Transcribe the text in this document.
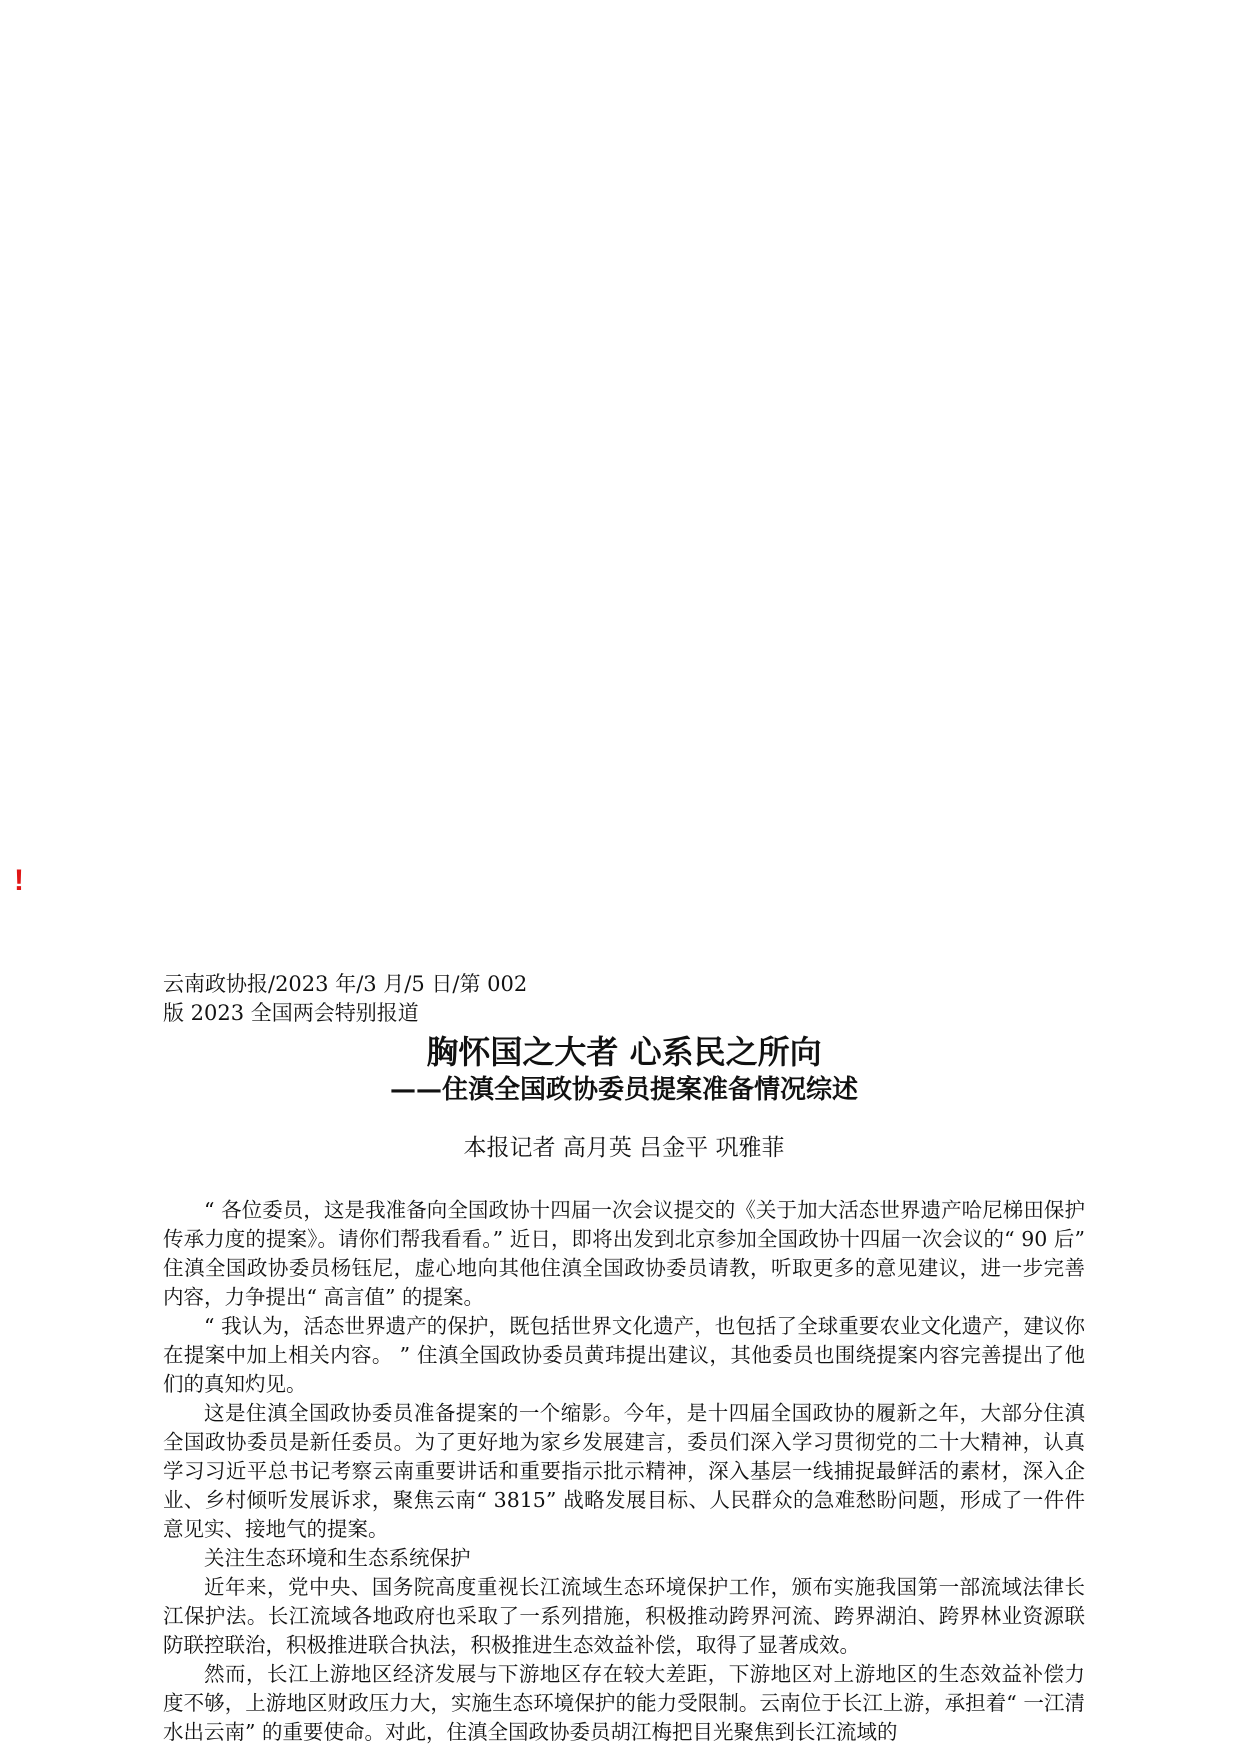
!
云南政协报/2023 年/3 月/5 日/第 002
版 2023 全国两会特别报道
胸怀国之大者 心系民之所向
——住滇全国政协委员提案准备情况综述
本报记者 高月英 吕金平 巩雅菲

“ 各位委员，这是我准备向全国政协十四届一次会议提交的《关于加大活态世界遗产哈尼梯田保护传承力度的提案》。请你们帮我看看。” 近日，即将出发到北京参加全国政协十四届一次会议的“ 90 后” 住滇全国政协委员杨钰尼，虚心地向其他住滇全国政协委员请教，听取更多的意见建议，进一步完善内容，力争提出“ 高言值” 的提案。

“ 我认为，活态世界遗产的保护，既包括世界文化遗产，也包括了全球重要农业文化遗产，建议你在提案中加上相关内容。 ” 住滇全国政协委员黄玮提出建议，其他委员也围绕提案内容完善提出了他们的真知灼见。

这是住滇全国政协委员准备提案的一个缩影。今年，是十四届全国政协的履新之年，大部分住滇全国政协委员是新任委员。为了更好地为家乡发展建言，委员们深入学习贯彻党的二十大精神，认真学习习近平总书记考察云南重要讲话和重要指示批示精神，深入基层一线捕捉最鲜活的素材，深入企业、乡村倾听发展诉求，聚焦云南“ 3815” 战略发展目标、人民群众的急难愁盼问题，形成了一件件意见实、接地气的提案。

关注生态环境和生态系统保护

近年来，党中央、国务院高度重视长江流域生态环境保护工作，颁布实施我国第一部流域法律长江保护法。长江流域各地政府也采取了一系列措施，积极推动跨界河流、跨界湖泊、跨界林业资源联防联控联治，积极推进联合执法，积极推进生态效益补偿，取得了显著成效。

然而，长江上游地区经济发展与下游地区存在较大差距，下游地区对上游地区的生态效益补偿力度不够，上游地区财政压力大，实施生态环境保护的能力受限制。云南位于长江上游，承担着“ 一江清水出云南” 的重要使命。对此，住滇全国政协委员胡江梅把目光聚焦到长江流域的
